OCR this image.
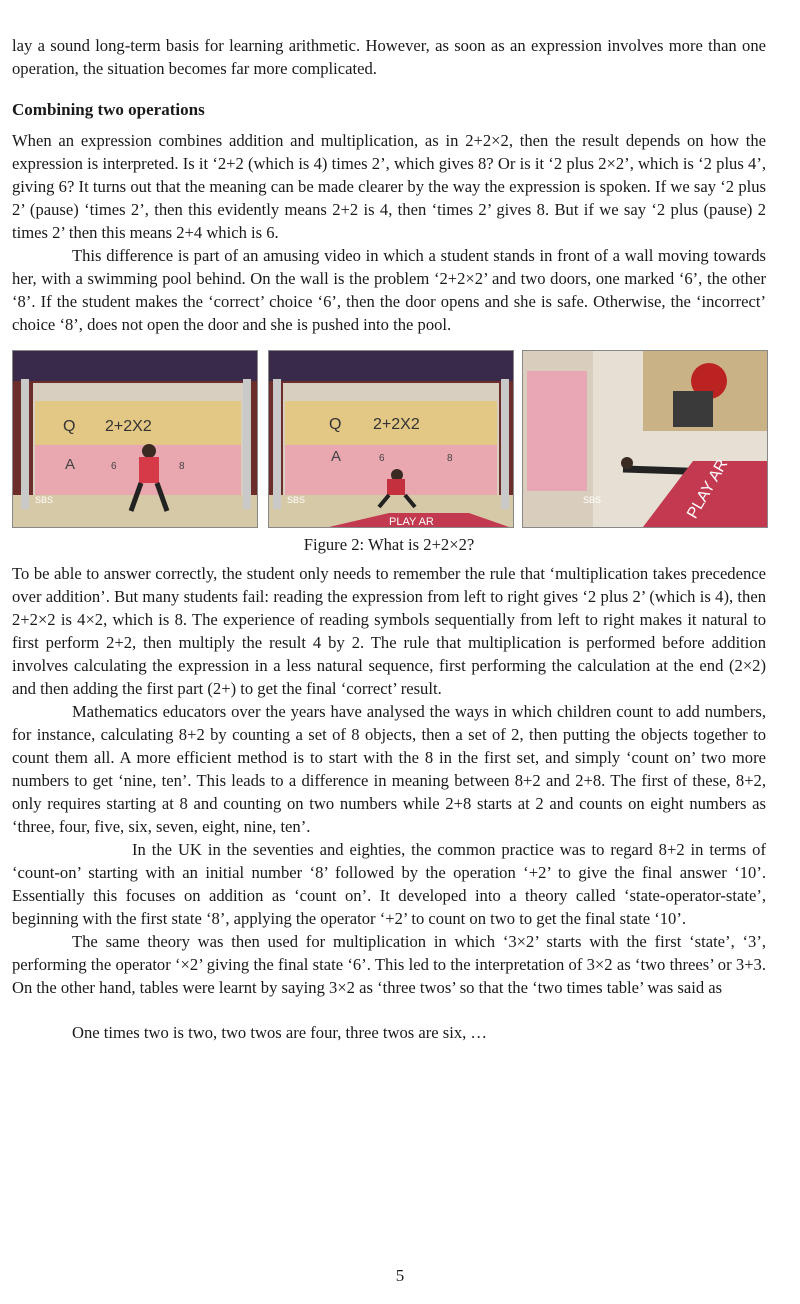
lay a sound long-term basis for learning arithmetic. However, as soon as an expression involves more than one operation, the situation becomes far more complicated.

Combining two operations

When an expression combines addition and multiplication, as in 2+2×2, then the result depends on how the expression is interpreted. Is it ‘2+2 (which is 4) times 2’, which gives 8? Or is it ‘2 plus 2×2’, which is ‘2 plus 4’, giving 6? It turns out that the meaning can be made clearer by the way the expression is spoken. If we say ‘2 plus 2’ (pause) ‘times 2’, then this evidently means 2+2 is 4, then ‘times 2’ gives 8. But if we say ‘2 plus (pause) 2 times 2’ then this means 2+4 which is 6.

This difference is part of an amusing video in which a student stands in front of a wall moving towards her, with a swimming pool behind. On the wall is the problem ‘2+2×2’ and two doors, one marked ‘6’, the other ‘8’. If the student makes the ‘correct’ choice ‘6’, then the door opens and she is safe. Otherwise, the ‘incorrect’ choice ‘8’, does not open the door and she is pushed into the pool.

Q 2+2X2
A	6	8
SBS
Q 2+2X2
A	6	8
PLAY AR
SBS	PLAY AR
SBS

Figure 2: What is 2+2×2?

To be able to answer correctly, the student only needs to remember the rule that ‘multiplication takes precedence over addition’. But many students fail: reading the expression from left to right gives ‘2 plus 2’ (which is 4), then 2+2×2 is 4×2, which is 8. The experience of reading symbols sequentially from left to right makes it natural to first perform 2+2, then multiply the result 4 by 2. The rule that multiplication is performed before addition involves calculating the expression in a less natural sequence, first performing the calculation at the end (2×2) and then adding the first part (2+) to get the final ‘correct’ result.

Mathematics educators over the years have analysed the ways in which children count to add numbers, for instance, calculating 8+2 by counting a set of 8 objects, then a set of 2, then putting the objects together to count them all. A more efficient method is to start with the 8 in the first set, and simply ‘count on’ two more numbers to get ‘nine, ten’. This leads to a difference in meaning between 8+2 and 2+8. The first of these, 8+2, only requires starting at 8 and counting on two numbers while 2+8 starts at 2 and counts on eight numbers as ‘three, four, five, six, seven, eight, nine, ten’.

In the UK in the seventies and eighties, the common practice was to regard 8+2 in terms of ‘count-on’ starting with an initial number ‘8’ followed by the operation ‘+2’ to give the final answer ‘10’. Essentially this focuses on addition as ‘count on’. It developed into a theory called ‘state-operator-state’, beginning with the first state ‘8’, applying the operator ‘+2’ to count on two to get the final state ‘10’.

The same theory was then used for multiplication in which ‘3×2’ starts with the first ‘state’, ‘3’, performing the operator ‘×2’ giving the final state ‘6’. This led to the interpretation of 3×2 as ‘two threes’ or 3+3. On the other hand, tables were learnt by saying 3×2 as ‘three twos’ so that the ‘two times table’ was said as

One times two is two, two twos are four, three twos are six, …

5
